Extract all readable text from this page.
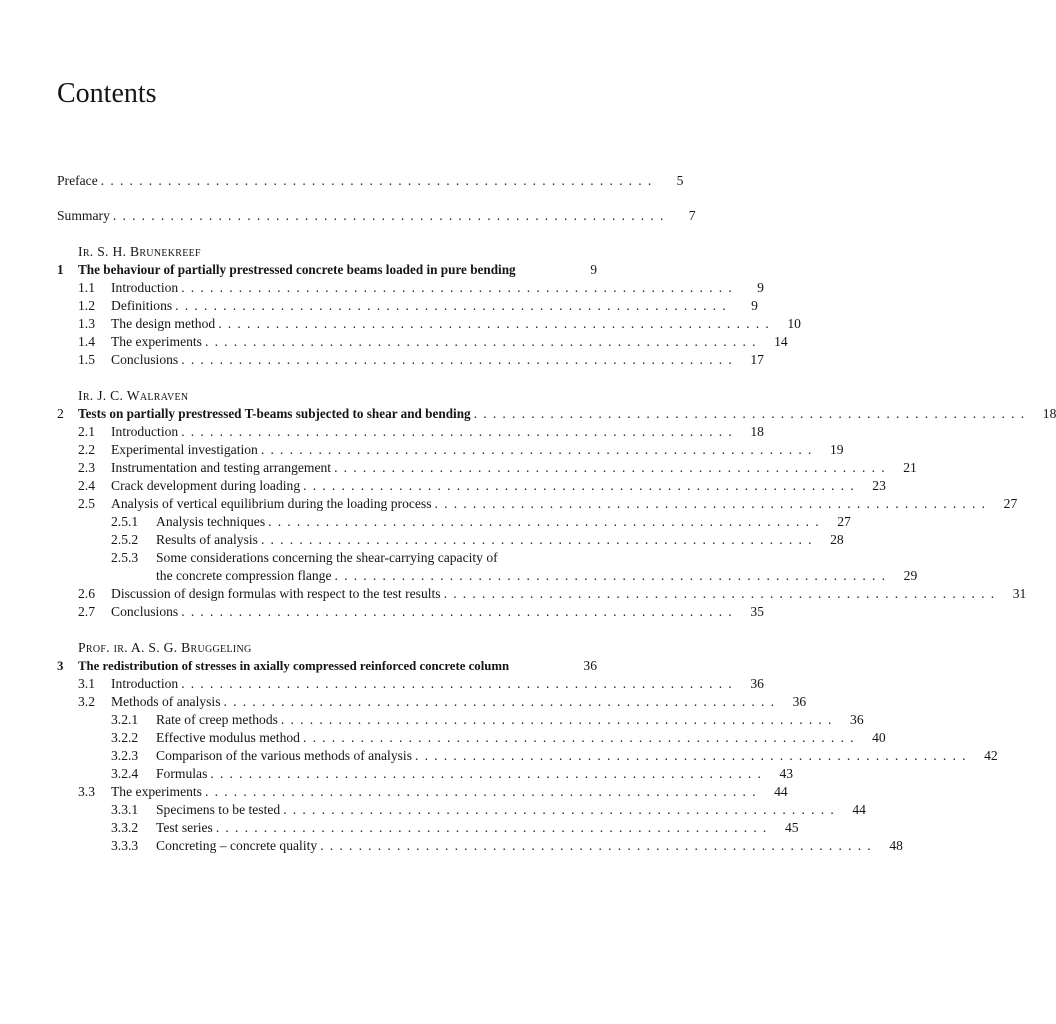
Contents
Preface ..........................................................	5
Summary ..........................................................	7
Ir. S. H. Brunekreef
1 The behaviour of partially prestressed concrete beams loaded in pure bending	9
1.1 Introduction ..........................................................	9
1.2 Definitions ..........................................................	9
1.3 The design method .......................................................... 10
1.4 The experiments .......................................................... 14
1.5 Conclusions .......................................................... 17
Ir. J. C. Walraven
2 Tests on partially prestressed T-beams subjected to shear and bending .......................................................... 18
2.1 Introduction .......................................................... 18
2.2 Experimental investigation .......................................................... 19
2.3 Instrumentation and testing arrangement .......................................................... 21
2.4 Crack development during loading .......................................................... 23
2.5 Analysis of vertical equilibrium during the loading process .......................................................... 27
2.5.1 Analysis techniques .......................................................... 27
2.5.2 Results of analysis .......................................................... 28
2.5.3 Some considerations concerning the shear-carrying capacity of
the concrete compression flange .......................................................... 29
2.6 Discussion of design formulas with respect to the test results .......................................................... 31
2.7 Conclusions .......................................................... 35
Prof. ir. A. S. G. Bruggeling
3 The redistribution of stresses in axially compressed reinforced concrete column	36
3.1 Introduction .......................................................... 36
3.2 Methods of analysis .......................................................... 36
3.2.1 Rate of creep methods .......................................................... 36
3.2.2 Effective modulus method .......................................................... 40
3.2.3 Comparison of the various methods of analysis .......................................................... 42
3.2.4 Formulas .......................................................... 43
3.3 The experiments .......................................................... 44
3.3.1 Specimens to be tested .......................................................... 44
3.3.2 Test series .......................................................... 45
3.3.3 Concreting – concrete quality .......................................................... 48
